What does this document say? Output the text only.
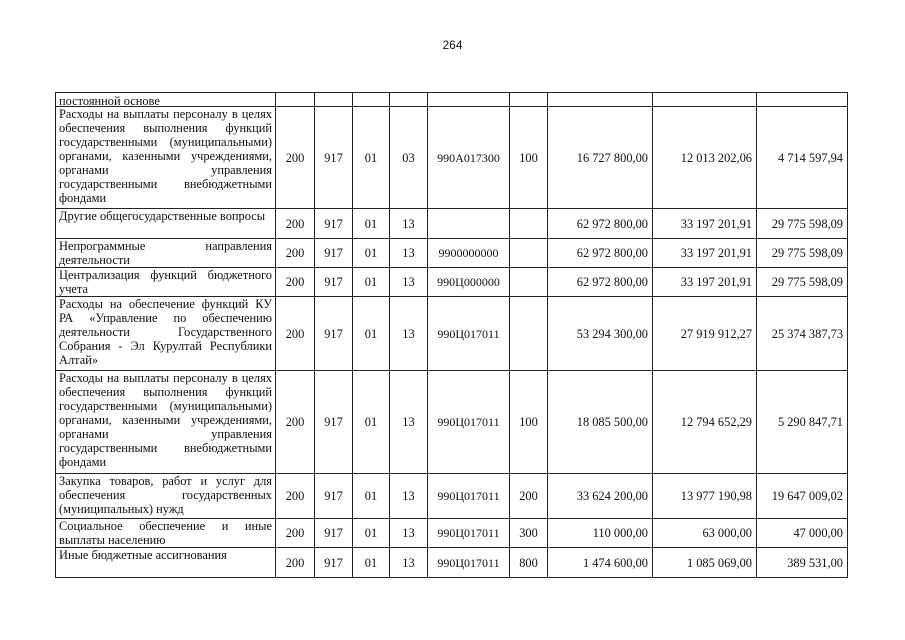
264
постоянной основе									

Расходы на выплаты персоналу в целях обеспечения выполнения функций государственными (муниципальными) органами, казенными учреждениями, органами управления государственными внебюджетными фондами	200	917	01	03	990А017300	100	16 727 800,00	12 013 202,06	4 714 597,94
Другие общегосударственные вопросы	200	917	01	13			62 972 800,00	33 197 201,91	29 775 598,09
Непрограммные направления деятельности	200	917	01	13	9900000000		62 972 800,00	33 197 201,91	29 775 598,09
Централизация функций бюджетного учета	200	917	01	13	990Ц000000		62 972 800,00	33 197 201,91	29 775 598,09
Расходы на обеспечение функций КУ РА «Управление по обеспечению деятельности Государственного Собрания - Эл Курултай Республики Алтай»	200	917	01	13	990Ц017011		53 294 300,00	27 919 912,27	25 374 387,73
Расходы на выплаты персоналу в целях обеспечения выполнения функций государственными (муниципальными) органами, казенными учреждениями, органами управления государственными внебюджетными фондами	200	917	01	13	990Ц017011	100	18 085 500,00	12 794 652,29	5 290 847,71
Закупка товаров, работ и услуг для обеспечения государственных (муниципальных) нужд	200	917	01	13	990Ц017011	200	33 624 200,00	13 977 190,98	19 647 009,02
Социальное обеспечение и иные выплаты населению	200	917	01	13	990Ц017011	300	110 000,00	63 000,00	47 000,00
Иные бюджетные ассигнования	200	917	01	13	990Ц017011	800	1 474 600,00	1 085 069,00	389 531,00
